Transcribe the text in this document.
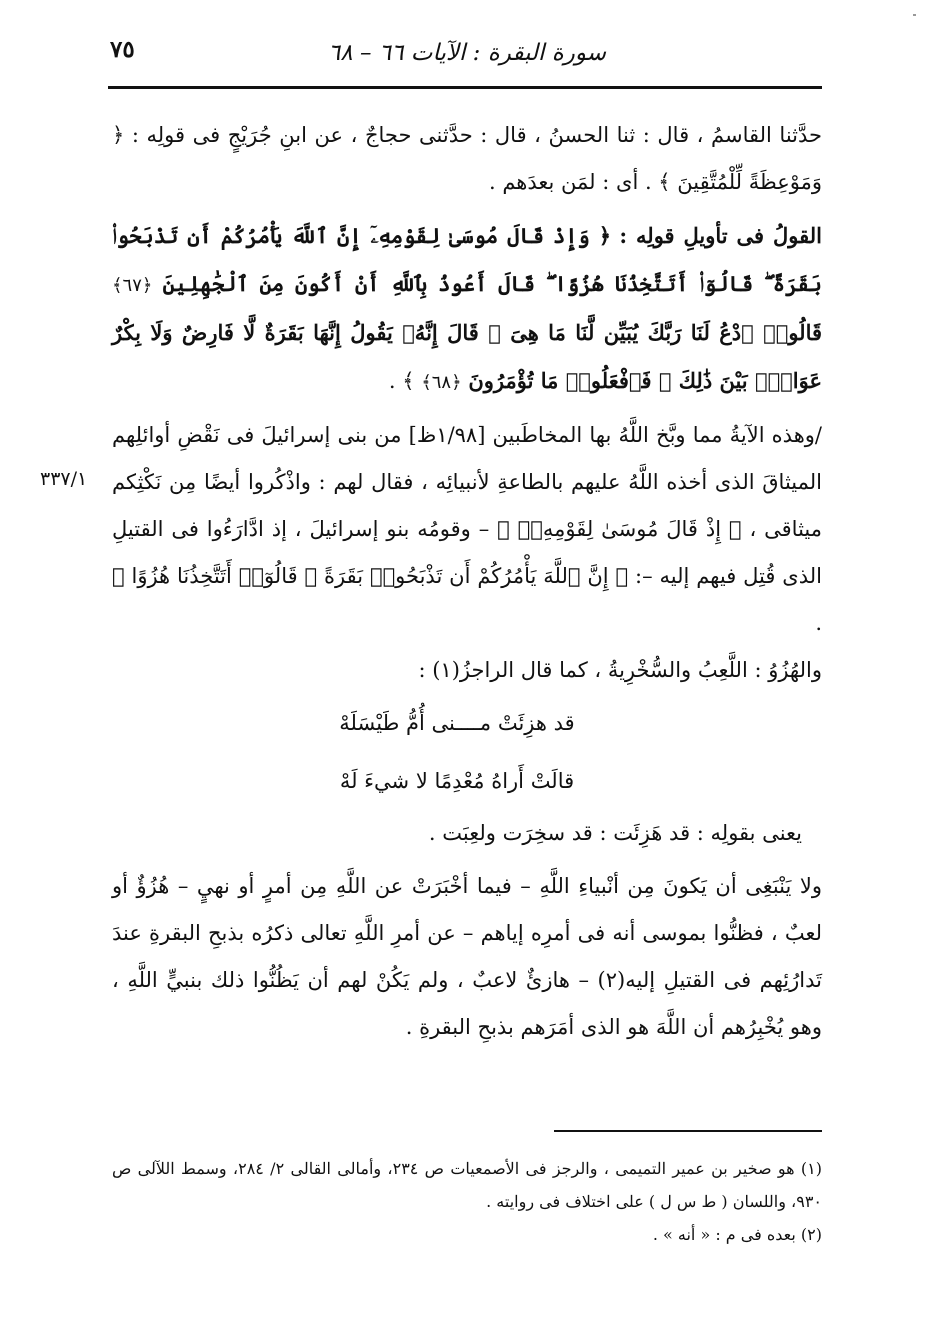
سورة البقرة : الآيات ٦٦ – ٦٨
٧٥
٣٣٧/١

حدَّثنا القاسمُ ، قال : ثنا الحسنُ ، قال : حدَّثنى حجاجٌ ، عن ابنِ جُرَيْجٍ فى قولِه : ﴿ وَمَوْعِظَةً لِّلْمُتَّقِينَ ﴾ . أى : لمَن بعدَهم .

القولُ فى تأويلِ قولِه : ﴿ وَإِذْ قَالَ مُوسَىٰ لِقَوْمِهِۦٓ إِنَّ ٱللَّهَ يَأْمُرُكُمْ أَن تَذْبَحُوا۟ بَقَرَةً ۖ قَالُوٓا۟ أَتَتَّخِذُنَا هُزُوًا ۖ قَالَ أَعُوذُ بِٱللَّهِ أَنْ أَكُونَ مِنَ ٱلْجَٰهِلِينَ ﴿٦٧﴾ قَالُوا۟ ٱدْعُ لَنَا رَبَّكَ يُبَيِّن لَّنَا مَا هِىَ ۚ قَالَ إِنَّهُۥ يَقُولُ إِنَّهَا بَقَرَةٌ لَّا فَارِضٌ وَلَا بِكْرٌ عَوَانٌۢ بَيْنَ ذَٰلِكَ ۖ فَٱفْعَلُوا۟ مَا تُؤْمَرُونَ ﴿٦٨﴾ ﴾ .

/وهذه الآيةُ مما وبَّخ اللَّهُ بها المخاطَبين [١/٩٨ظ] من بنى إسرائيلَ فى نَقْضِ أوائلِهم الميثاقَ الذى أخذه اللَّهُ عليهم بالطاعةِ لأنبيائِه ، فقال لهم : واذْكُروا أيضًا مِن نَكْثِكم ميثاقى ، ﴿ إِذْ قَالَ مُوسَىٰ لِقَوْمِهِۦٓ ﴾ – وقومُه بنو إسرائيلَ ، إذ ادَّارَءُوا فى القتيلِ الذى قُتِل فيهم إليه –: ﴿ إِنَّ ٱللَّهَ يَأْمُرُكُمْ أَن تَذْبَحُوا۟ بَقَرَةً ۖ قَالُوٓا۟ أَتَتَّخِذُنَا هُزُوًا ﴾ .

والهُزُوُ : اللَّعِبُ والسُّخْرِيةُ ، كما قال الراجزُ(١) :

قد هزِئَتْ مــــنى أُمُّ طَيْسَلَهْ

قالَتْ أَراهُ مُعْدِمًا لا شيءَ لَهْ

يعنى بقولِه : قد هَزِئَت : قد سخِرَت ولعِبَت .

ولا يَنْبَغِى أن يَكونَ مِن أنْبياءِ اللَّهِ – فيما أخْبَرَتْ عن اللَّهِ مِن أمرٍ أو نهيٍ – هُزُؤٌ أو لعبٌ ، فظنُّوا بموسى أنه فى أمرِه إياهم – عن أمرِ اللَّهِ تعالى ذكرُه بذبحِ البقرةِ عندَ تَدارُئِهم فى القتيلِ إليه(٢) – هازئٌ لاعبٌ ، ولم يَكُنْ لهم أن يَظُنُّوا ذلك بنبيٍّ اللَّهِ ، وهو يُخْبِرُهم أن اللَّهَ هو الذى أمَرَهم بذبحِ البقرةِ .

(١) هو صخير بن عمير التميمى ، والرجز فى الأصمعيات ص ٢٣٤، وأمالى القالى ٢/ ٢٨٤، وسمط اللآلى ص ٩٣٠، واللسان ( ط س ل ) على اختلاف فى روايته .

(٢) بعده فى م : « أنه » .
